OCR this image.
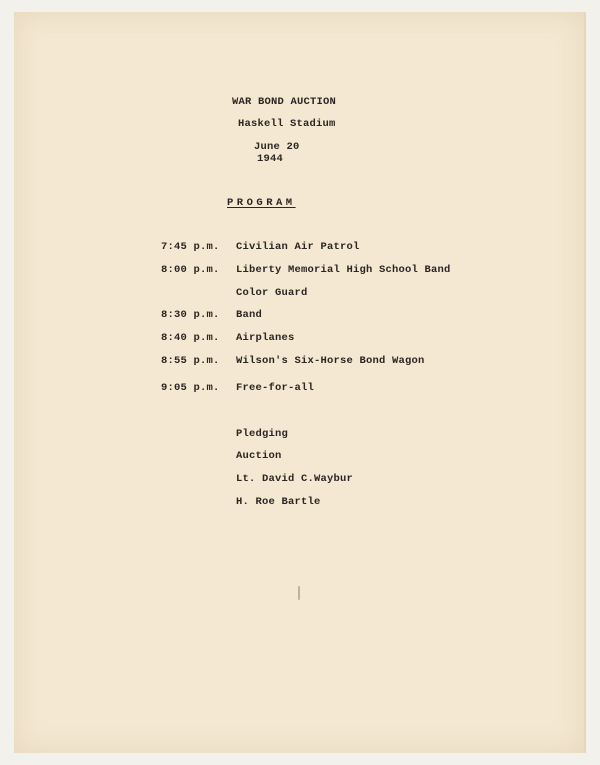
WAR BOND AUCTION
Haskell Stadium
June 20
1944
PROGRAM
7:45 p.m. Civilian Air Patrol
8:00 p.m. Liberty Memorial High School Band
Color Guard
8:30 p.m. Band
8:40 p.m. Airplanes
8:55 p.m. Wilson's Six-Horse Bond Wagon
9:05 p.m. Free-for-all
Pledging
Auction
Lt. David C.Waybur
H. Roe Bartle
